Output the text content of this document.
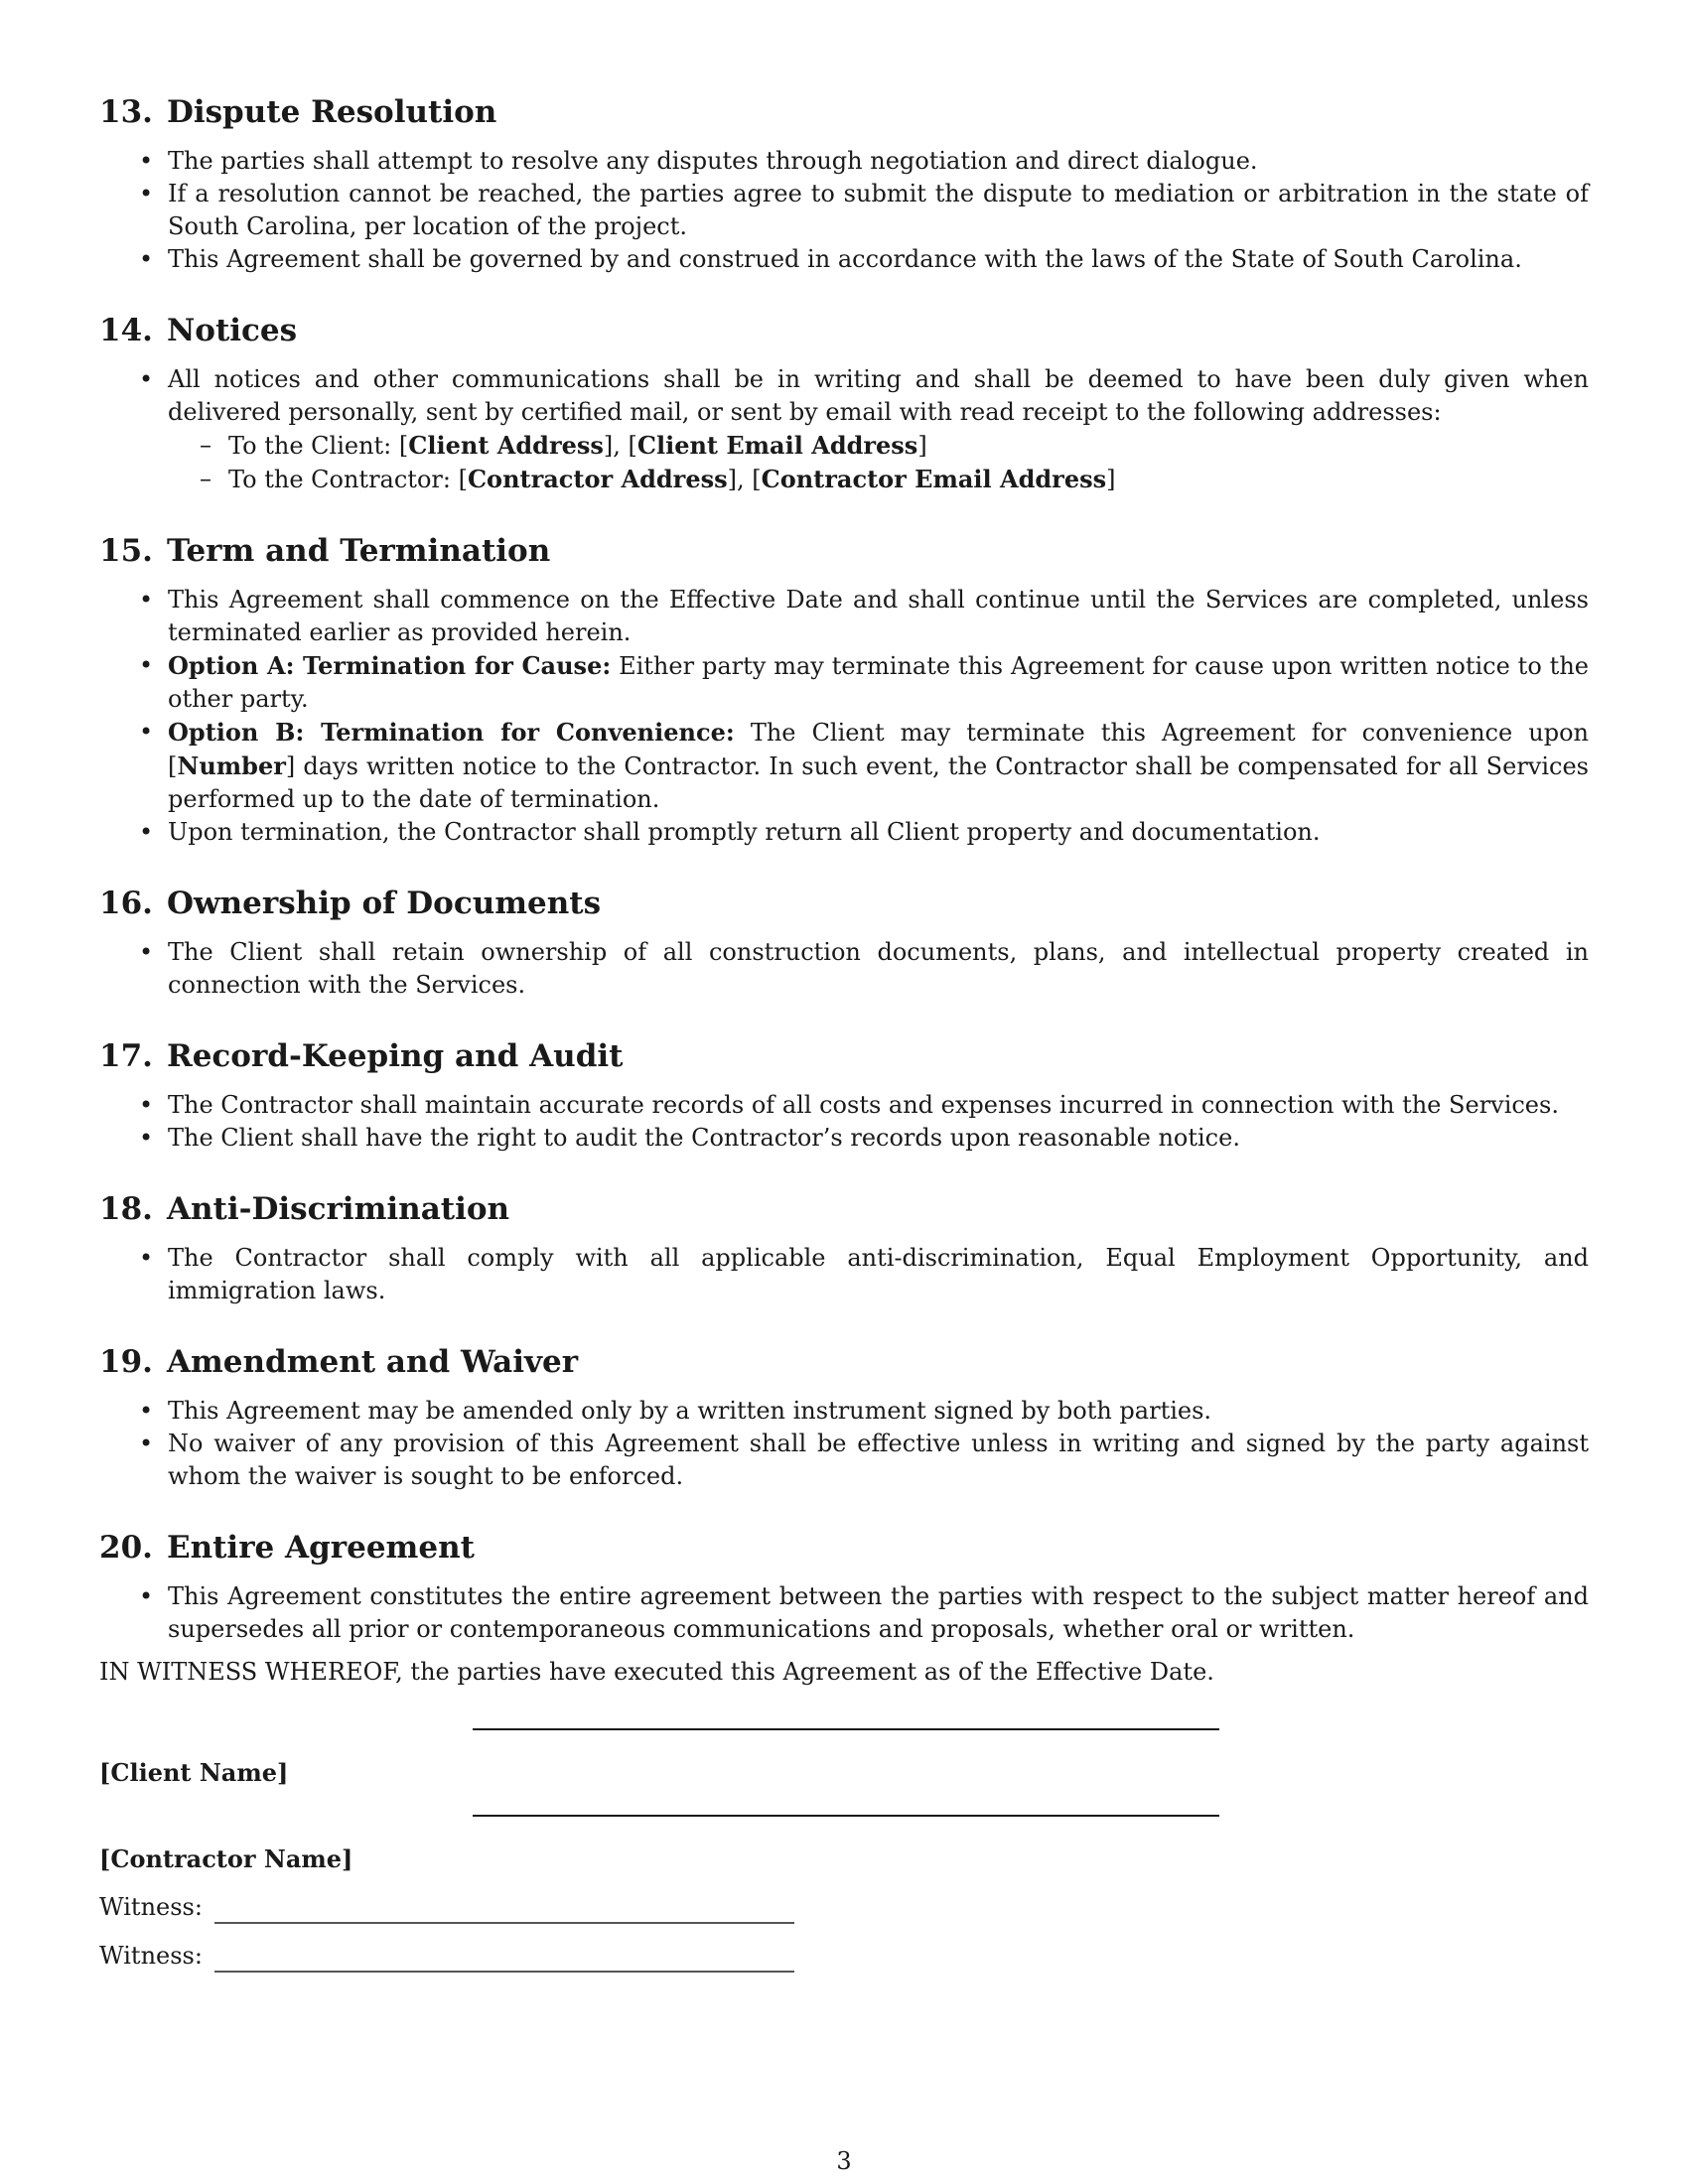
13. Dispute Resolution
• The parties shall attempt to resolve any disputes through negotiation and direct dialogue.
• If a resolution cannot be reached, the parties agree to submit the dispute to mediation or arbitration in the state of South Carolina, per location of the project.
• This Agreement shall be governed by and construed in accordance with the laws of the State of South Carolina.
14. Notices
• All notices and other communications shall be in writing and shall be deemed to have been duly given when delivered personally, sent by certified mail, or sent by email with read receipt to the following addresses:
– To the Client: [Client Address], [Client Email Address]
– To the Contractor: [Contractor Address], [Contractor Email Address]
15. Term and Termination
• This Agreement shall commence on the Effective Date and shall continue until the Services are completed, unless terminated earlier as provided herein.
• Option A: Termination for Cause: Either party may terminate this Agreement for cause upon written notice to the other party.
• Option B: Termination for Convenience: The Client may terminate this Agreement for convenience upon [Number] days written notice to the Contractor. In such event, the Contractor shall be compensated for all Services performed up to the date of termination.
• Upon termination, the Contractor shall promptly return all Client property and documentation.
16. Ownership of Documents
• The Client shall retain ownership of all construction documents, plans, and intellectual property created in connection with the Services.
17. Record-Keeping and Audit
• The Contractor shall maintain accurate records of all costs and expenses incurred in connection with the Services.
• The Client shall have the right to audit the Contractor’s records upon reasonable notice.
18. Anti-Discrimination
• The Contractor shall comply with all applicable anti-discrimination, Equal Employment Opportunity, and immigration laws.
19. Amendment and Waiver
• This Agreement may be amended only by a written instrument signed by both parties.
• No waiver of any provision of this Agreement shall be effective unless in writing and signed by the party against whom the waiver is sought to be enforced.
20. Entire Agreement
• This Agreement constitutes the entire agreement between the parties with respect to the subject matter hereof and supersedes all prior or contemporaneous communications and proposals, whether oral or written.
IN WITNESS WHEREOF, the parties have executed this Agreement as of the Effective Date.
[Client Name]
[Contractor Name]
Witness:
Witness:
3
